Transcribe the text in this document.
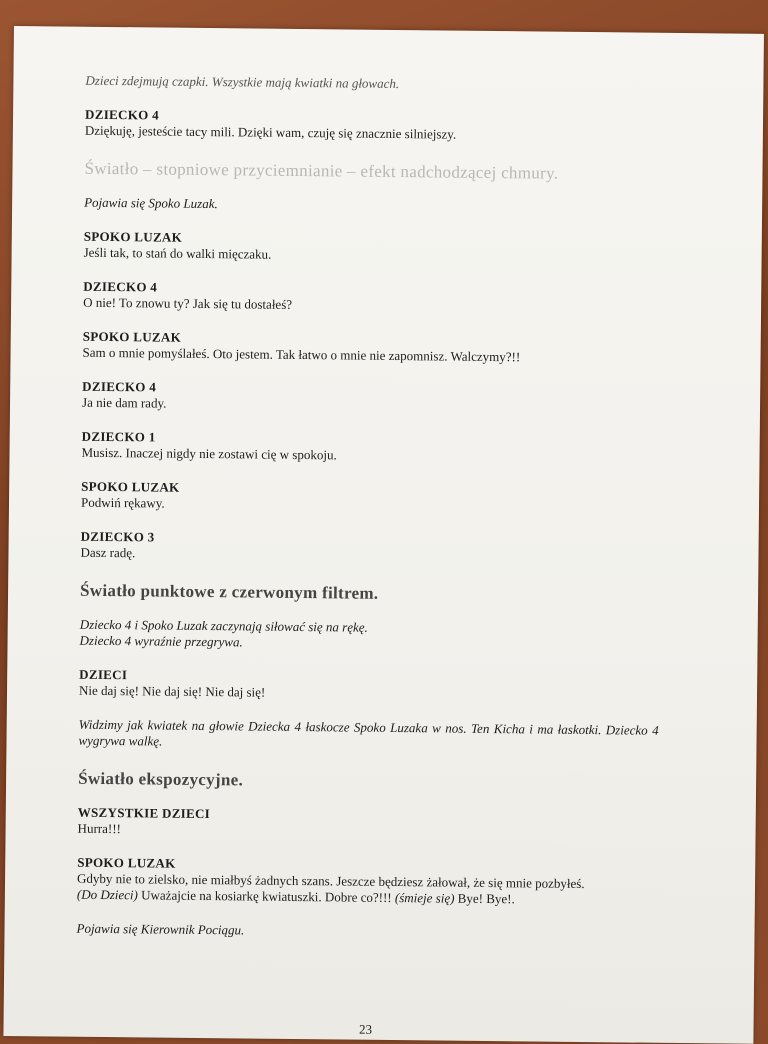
Dzieci zdejmują czapki. Wszystkie mają kwiatki na głowach.
DZIECKO 4
Dziękuję, jesteście tacy mili. Dzięki wam, czuję się znacznie silniejszy.
Światło – stopniowe przyciemnianie – efekt nadchodzącej chmury.
Pojawia się Spoko Luzak.
SPOKO LUZAK
Jeśli tak, to stań do walki mięczaku.
DZIECKO 4
O nie! To znowu ty? Jak się tu dostałeś?
SPOKO LUZAK
Sam o mnie pomyślałeś. Oto jestem. Tak łatwo o mnie nie zapomnisz. Walczymy?!!
DZIECKO 4
Ja nie dam rady.
DZIECKO 1
Musisz. Inaczej nigdy nie zostawi cię w spokoju.
SPOKO LUZAK
Podwiń rękawy.
DZIECKO 3
Dasz radę.
Światło punktowe z czerwonym filtrem.
Dziecko 4 i Spoko Luzak zaczynają siłować się na rękę.
Dziecko 4 wyraźnie przegrywa.
DZIECI
Nie daj się! Nie daj się! Nie daj się!
Widzimy jak kwiatek na głowie Dziecka 4 łaskocze Spoko Luzaka w nos. Ten Kicha i ma łaskotki. Dziecko 4 wygrywa walkę.
Światło ekspozycyjne.
WSZYSTKIE DZIECI
Hurra!!!
SPOKO LUZAK
Gdyby nie to zielsko, nie miałbyś żadnych szans. Jeszcze będziesz żałował, że się mnie pozbyłeś.
(Do Dzieci) Uważajcie na kosiarkę kwiatuszki. Dobre co?!!! (śmieje się) Bye! Bye!.
Pojawia się Kierownik Pociągu.
23
